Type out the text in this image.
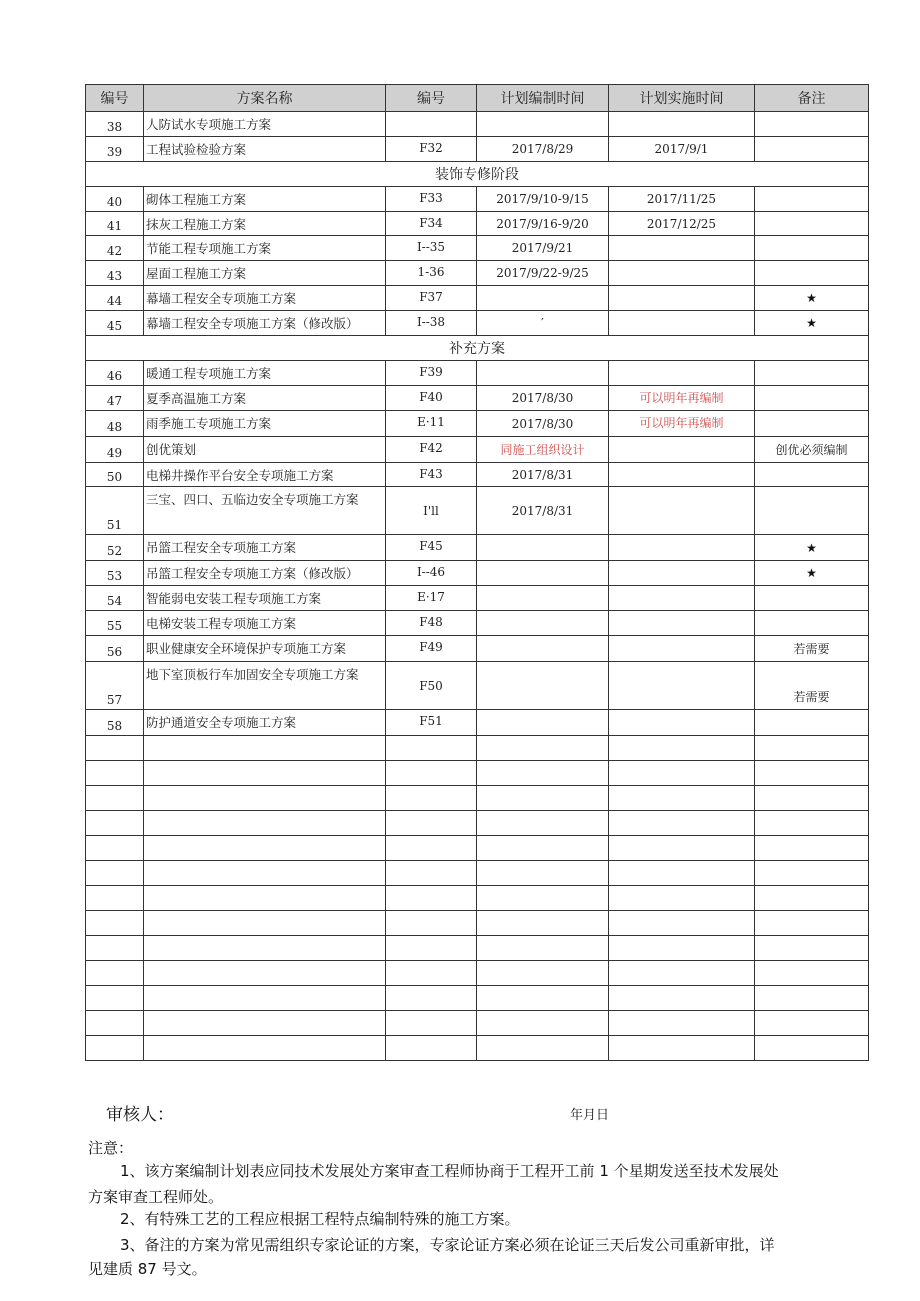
编号	方案名称	编号	计划编制时间	计划实施时间	备注
38	人防试水专项施工方案				
39	工程试验检验方案	F32	2017/8/29	2017/9/1	
装饰专修阶段					
40	砌体工程施工方案	F33	2017/9/10-9/15	2017/11/25	
41	抹灰工程施工方案	F34	2017/9/16-9/20	2017/12/25	
42	节能工程专项施工方案	I--35	2017/9/21		
43	屋面工程施工方案	1-36	2017/9/22-9/25		
44	幕墙工程安全专项施工方案	F37			★
45	幕墙工程安全专项施工方案（修改版）	I--38	′		★
补充方案					
46	暖通工程专项施工方案	F39			
47	夏季高温施工方案	F40	2017/8/30	可以明年再编制	
48	雨季施工专项施工方案	E·11	2017/8/30	可以明年再编制	
49	创优策划	F42	同施工组织设计		创优必须编制
50	电梯井操作平台安全专项施工方案	F43	2017/8/31		
51	三宝、四口、五临边安全专项施工方案	I'll	2017/8/31		
52	吊篮工程安全专项施工方案	F45			★
53	吊篮工程安全专项施工方案（修改版）	I--46			★
54	智能弱电安装工程专项施工方案	E·17			
55	电梯安装工程专项施工方案	F48			
56	职业健康安全环境保护专项施工方案	F49			若需要
57	地下室顶板行车加固安全专项施工方案	F50			若需要
58	防护通道安全专项施工方案	F51			

审核人：	年月日
注意：
1、该方案编制计划表应同技术发展处方案审查工程师协商于工程开工前 1 个星期发送至技术发展处
方案审查工程师处。
2、有特殊工艺的工程应根据工程特点编制特殊的施工方案。
3、备注的方案为常见需组织专家论证的方案，专家论证方案必须在论证三天后发公司重新审批，详
见建质 87 号文。
